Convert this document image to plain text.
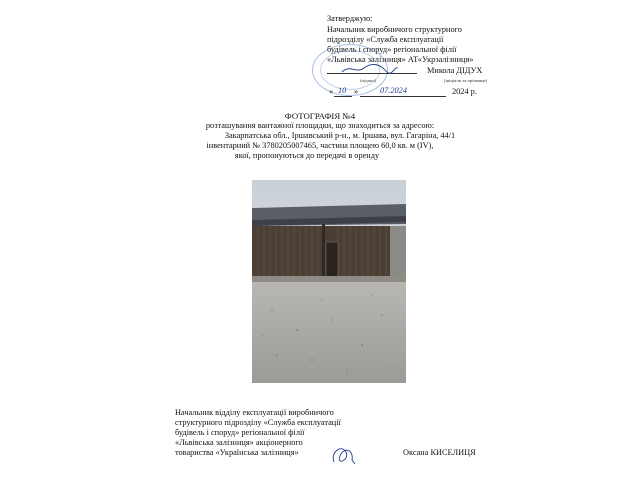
Затверджую:
Начальник виробничого структурного
підрозділу «Служба експлуатації
будівель і споруд» регіональної філії
«Львівська залізниця» АТ«Укрзалізниця»
Микола ДІДУХ
(підпис)	(ініціали та прізвище)
« 10 »	07.2024	2024 р.
ФОТОГРАФІЯ №4
розташування вантажної площадки, що знаходиться за адресою:
Закарпатська обл., Іршавський р-н., м. Іршава, вул. Гагаріна, 44/1
інвентарний № 3780205007465, частина площею 60,0 кв. м (IV),
якої, пропонуються до передачі в оренду
Начальник відділу експлуатації виробничого
структурного підрозділу «Служба експлуатації
будівель і споруд» регіональної філії
«Львівська залізниця» акціонерного
товариства «Українська залізниця»	Оксана КИСЕЛИЦЯ
